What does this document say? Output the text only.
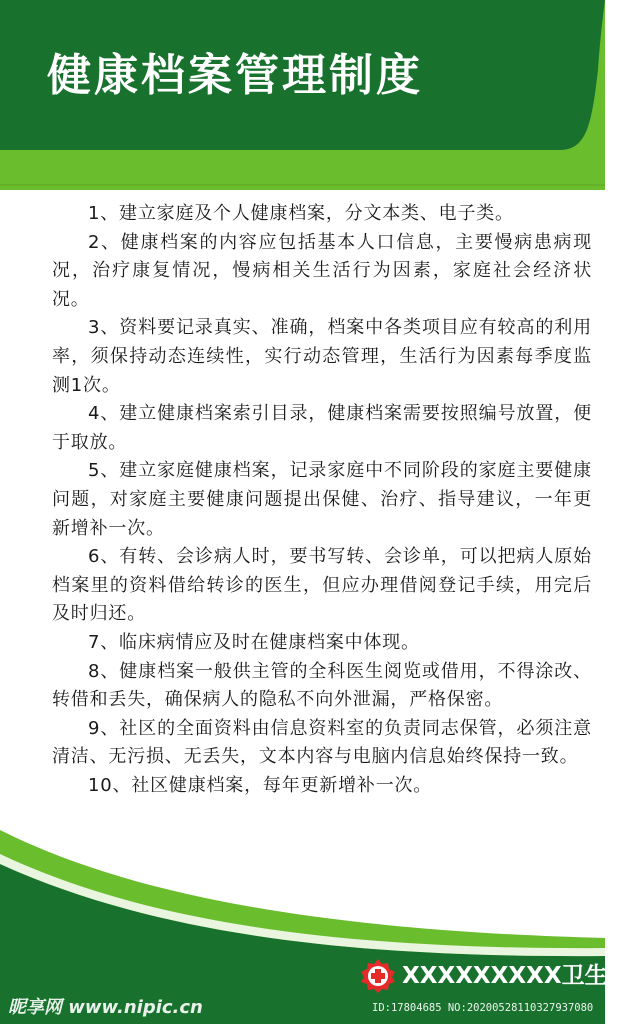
健康档案管理制度

1、建立家庭及个人健康档案，分文本类、电子类。

2、健康档案的内容应包括基本人口信息，主要慢病患病现况，治疗康复情况，慢病相关生活行为因素，家庭社会经济状况。

3、资料要记录真实、准确，档案中各类项目应有较高的利用率，须保持动态连续性，实行动态管理，生活行为因素每季度监测1次。

4、建立健康档案索引目录，健康档案需要按照编号放置，便于取放。

5、建立家庭健康档案，记录家庭中不同阶段的家庭主要健康问题，对家庭主要健康问题提出保健、治疗、指导建议，一年更新增补一次。

6、有转、会诊病人时，要书写转、会诊单，可以把病人原始档案里的资料借给转诊的医生，但应办理借阅登记手续，用完后及时归还。

7、临床病情应及时在健康档案中体现。

8、健康档案一般供主管的全科医生阅览或借用，不得涂改、转借和丢失，确保病人的隐私不向外泄漏，严格保密。

9、社区的全面资料由信息资料室的负责同志保管，必须注意清洁、无污损、无丢失，文本内容与电脑内信息始终保持一致。

10、社区健康档案，每年更新增补一次。

XXXXXXXXX卫生室
昵享网 www.nipic.cn	ID:17804685 NO:20200528110327937080
